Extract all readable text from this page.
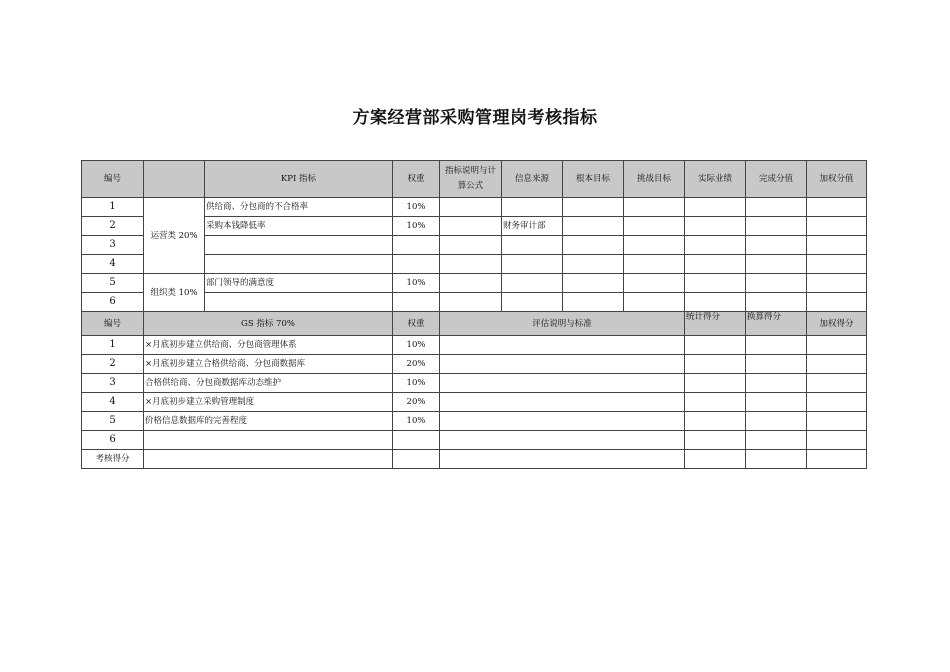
方案经营部采购管理岗考核指标
编号		KPI 指标	权重	指标说明与计算公式	信息来源	根本目标	挑战目标	实际业绩	完成分值	加权分值
1	运营类 20%	供给商、分包商的不合格率	10%							
2		采购本钱降低率	10%		财务审计部					
3										
4										
5	组织类 10%	部门领导的满意度	10%							
6										
编号	GS 指标 70%		权重	评估说明与标准				统计得分	换算得分	加权得分
1	×月底初步建立供给商、分包商管理体系		10%							
2	×月底初步建立合格供给商、分包商数据库		20%							
3	合格供给商、分包商数据库动态维护		10%							
4	×月底初步建立采购管理制度		20%							
5	价格信息数据库的完善程度		10%							
6										
考核得分										
